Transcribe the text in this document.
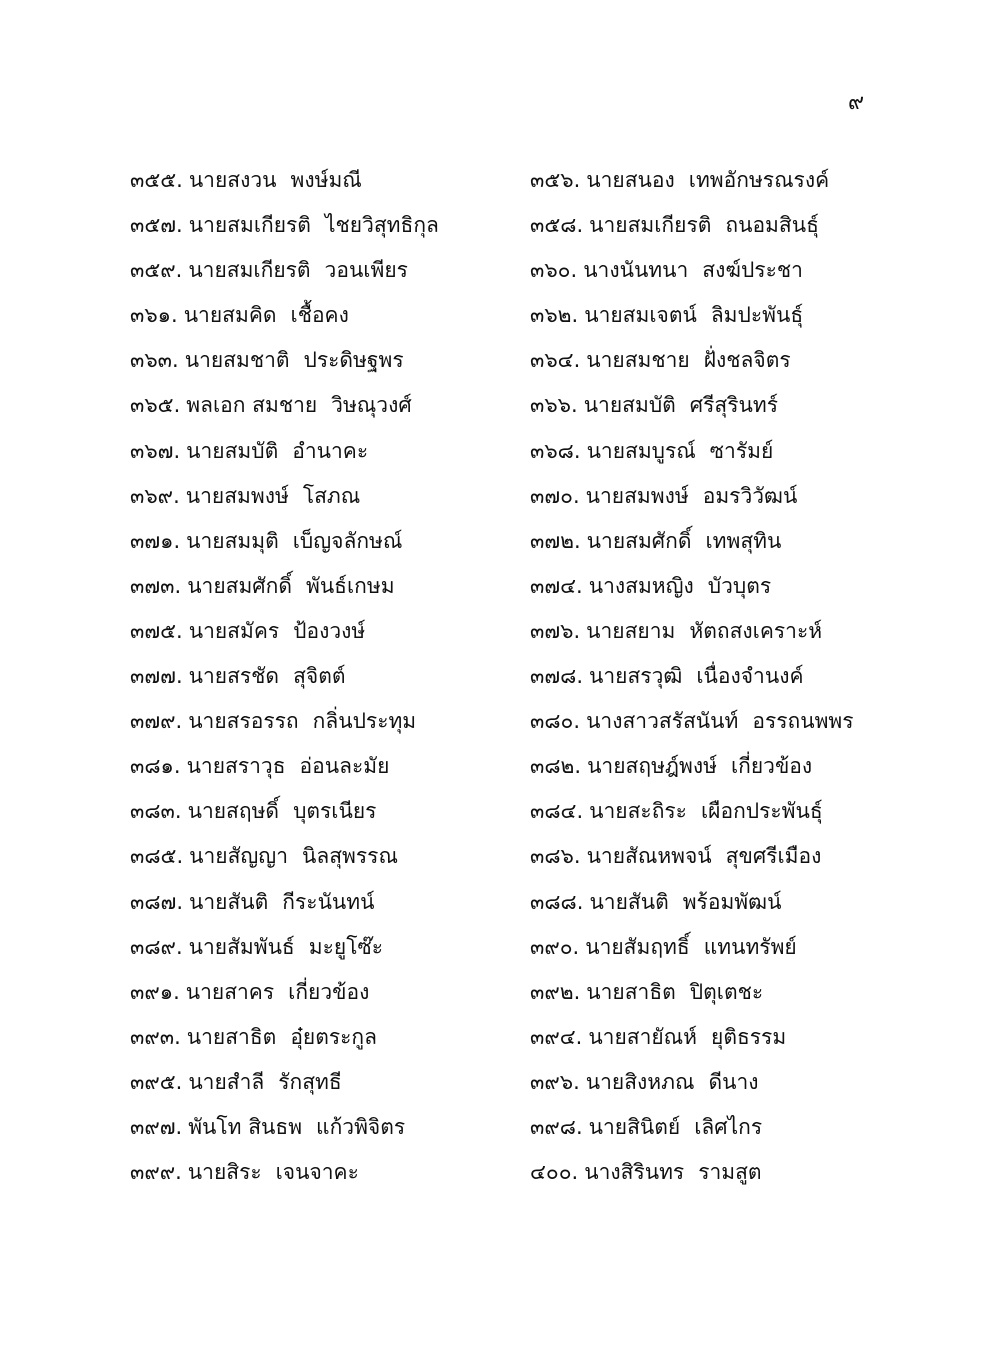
๙
๓๕๕. นายสงวน พงษ์มณี	๓๕๖. นายสนอง เทพอักษรณรงค์
๓๕๗. นายสมเกียรติ ไชยวิสุทธิกุล	๓๕๘. นายสมเกียรติ ถนอมสินธุ์
๓๕๙. นายสมเกียรติ วอนเพียร	๓๖๐. นางนันทนา สงฆ์ประชา
๓๖๑. นายสมคิด เชื้อคง	๓๖๒. นายสมเจตน์ ลิมปะพันธุ์
๓๖๓. นายสมชาติ ประดิษฐพร	๓๖๔. นายสมชาย ฝั่งชลจิตร
๓๖๕. พลเอก สมชาย วิษณุวงศ์	๓๖๖. นายสมบัติ ศรีสุรินทร์
๓๖๗. นายสมบัติ อำนาคะ	๓๖๘. นายสมบูรณ์ ซารัมย์
๓๖๙. นายสมพงษ์ โสภณ	๓๗๐. นายสมพงษ์ อมรวิวัฒน์
๓๗๑. นายสมมุติ เบ็ญจลักษณ์	๓๗๒. นายสมศักดิ์ เทพสุทิน
๓๗๓. นายสมศักดิ์ พันธ์เกษม	๓๗๔. นางสมหญิง บัวบุตร
๓๗๕. นายสมัคร ป้องวงษ์	๓๗๖. นายสยาม หัตถสงเคราะห์
๓๗๗. นายสรชัด สุจิตต์	๓๗๘. นายสรวุฒิ เนื่องจำนงค์
๓๗๙. นายสรอรรถ กลิ่นประทุม	๓๘๐. นางสาวสรัสนันท์ อรรถนพพร
๓๘๑. นายสราวุธ อ่อนละมัย	๓๘๒. นายสฤษฎ์พงษ์ เกี่ยวข้อง
๓๘๓. นายสฤษดิ์ บุตรเนียร	๓๘๔. นายสะถิระ เผือกประพันธุ์
๓๘๕. นายสัญญา นิลสุพรรณ	๓๘๖. นายสัณหพจน์ สุขศรีเมือง
๓๘๗. นายสันติ กีระนันทน์	๓๘๘. นายสันติ พร้อมพัฒน์
๓๘๙. นายสัมพันธ์ มะยูโซ๊ะ	๓๙๐. นายสัมฤทธิ์ แทนทรัพย์
๓๙๑. นายสาคร เกี่ยวข้อง	๓๙๒. นายสาธิต ปิตุเตชะ
๓๙๓. นายสาธิต อุ๋ยตระกูล	๓๙๔. นายสายัณห์ ยุติธรรม
๓๙๕. นายสำลี รักสุทธี	๓๙๖. นายสิงหภณ ดีนาง
๓๙๗. พันโท สินธพ แก้วพิจิตร	๓๙๘. นายสินิตย์ เลิศไกร
๓๙๙. นายสิระ เจนจาคะ	๔๐๐. นางสิรินทร รามสูต
